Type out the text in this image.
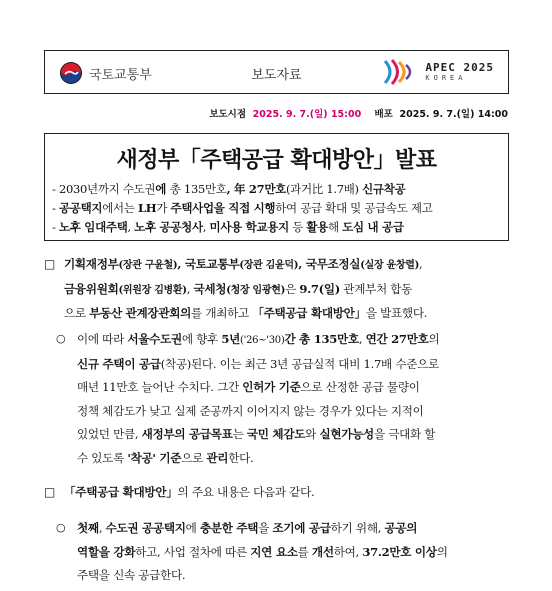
국토교통부	보도자료
APEC 2025
KOREA
보도시점 2025. 9. 7.(일) 15:00 배포 2025. 9. 7.(일) 14:00
새정부「주택공급 확대방안」발표
- 2030년까지 수도권에 총 135만호, 年 27만호(과거比 1.7배) 신규착공
- 공공택지에서는 LH가 주택사업을 직접 시행하여 공급 확대 및 공급속도 제고
- 노후 임대주택, 노후 공공청사, 미사용 학교용지 등 활용해 도심 내 공급
□ 기획재정부(장관 구윤철), 국토교통부(장관 김윤덕), 국무조정실(실장 윤창렬),
금융위원회(위원장 김병환), 국세청(청장 임광현)은 9.7(일) 관계부처 합동
으로 부동산 관계장관회의를 개최하고 「주택공급 확대방안」을 발표했다.
○ 이에 따라 서울수도권에 향후 5년('26~'30)간 총 135만호, 연간 27만호의
신규 주택이 공급(착공)된다. 이는 최근 3년 공급실적 대비 1.7배 수준으로
매년 11만호 늘어난 수치다. 그간 인허가 기준으로 산정한 공급 물량이
정책 체감도가 낮고 실제 준공까지 이어지지 않는 경우가 있다는 지적이
있었던 만큼, 새정부의 공급목표는 국민 체감도와 실현가능성을 극대화 할
수 있도록 '착공' 기준으로 관리한다.
□ 「주택공급 확대방안」의 주요 내용은 다음과 같다.
○ 첫째, 수도권 공공택지에 충분한 주택을 조기에 공급하기 위해, 공공의
역할을 강화하고, 사업 절차에 따른 지연 요소를 개선하여, 37.2만호 이상의
주택을 신속 공급한다.
